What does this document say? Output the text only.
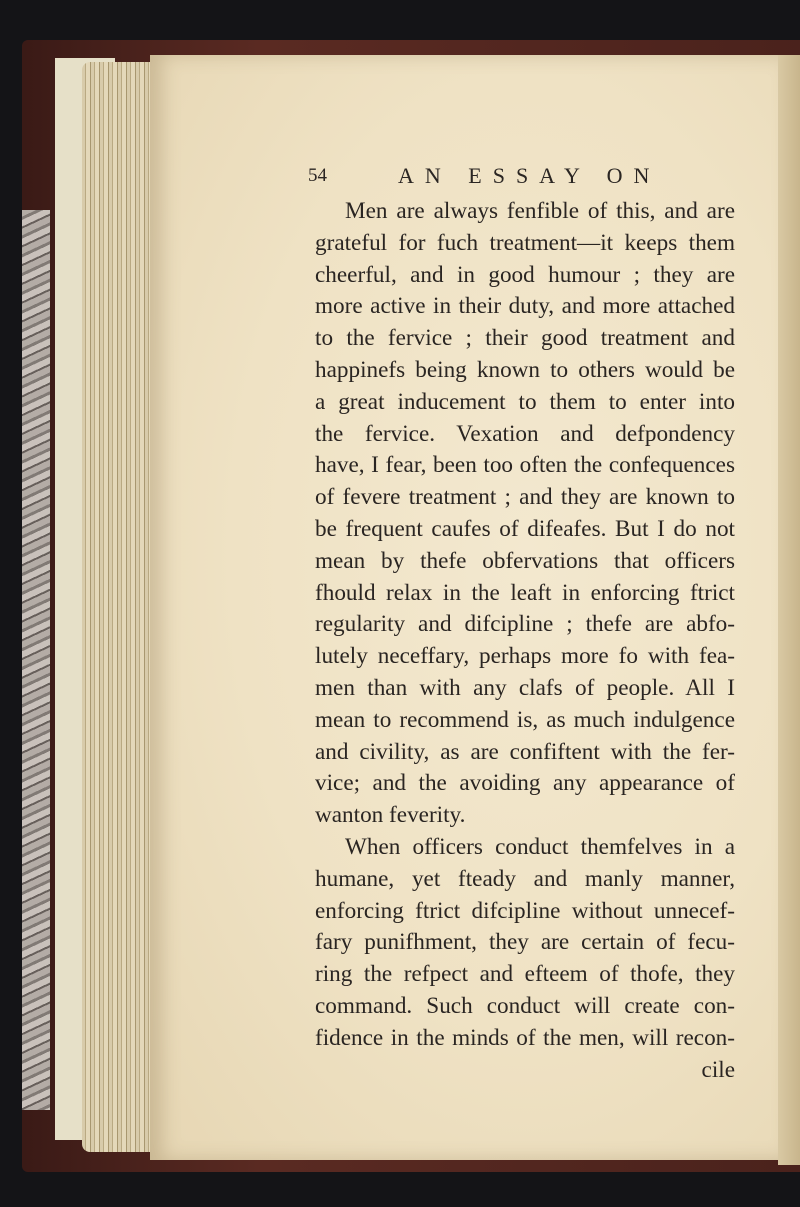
54	AN ESSAY ON
Men are always fenfible of this, and are
grateful for fuch treatment—it keeps them
cheerful, and in good humour ; they are
more active in their duty, and more attached
to the fervice ; their good treatment and
happinefs being known to others would be
a great inducement to them to enter into
the fervice. Vexation and defpondency
have, I fear, been too often the confequences
of fevere treatment ; and they are known to
be frequent caufes of difeafes. But I do not
mean by thefe obfervations that officers
fhould relax in the leaft in enforcing ftrict
regularity and difcipline ; thefe are abfo-
lutely neceffary, perhaps more fo with fea-
men than with any clafs of people. All I
mean to recommend is, as much indulgence
and civility, as are confiftent with the fer-
vice; and the avoiding any appearance of
wanton feverity.
When officers conduct themfelves in a
humane, yet fteady and manly manner,
enforcing ftrict difcipline without unnecef-
fary punifhment, they are certain of fecu-
ring the refpect and efteem of thofe, they
command. Such conduct will create con-
fidence in the minds of the men, will recon-
cile
